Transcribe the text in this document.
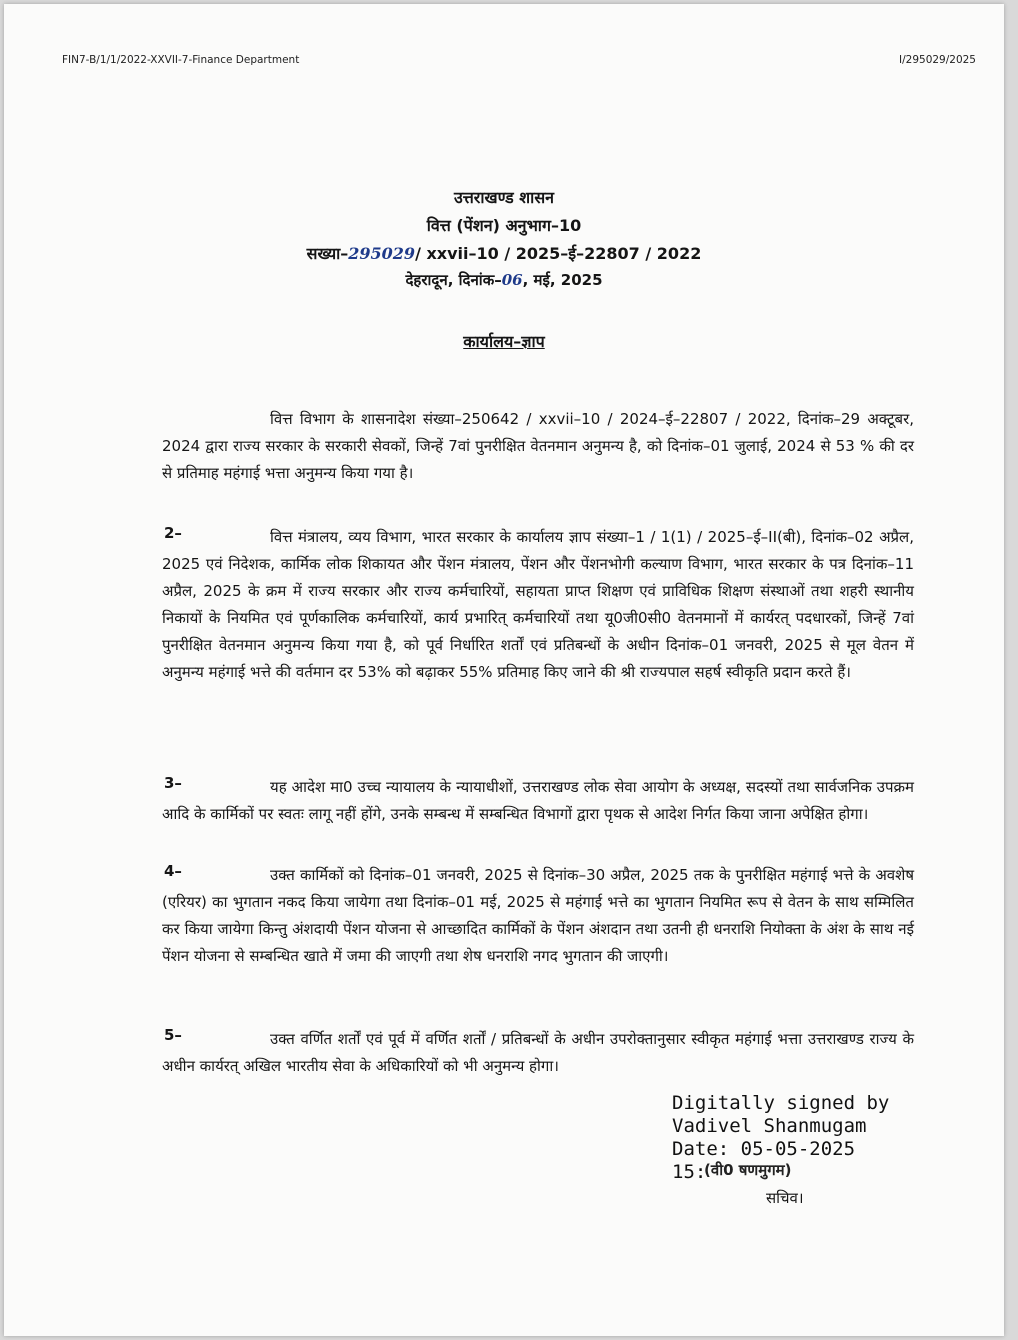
FIN7-B/1/1/2022-XXVII-7-Finance Department	I/295029/2025
उत्तराखण्ड शासन
वित्त (पेंशन) अनुभाग–10
सख्या–295029/ xxvii–10 / 2025–ई–22807 / 2022
देहरादून, दिनांक–06, मई, 2025
कार्यालय–ज्ञाप
वित्त विभाग के शासनादेश संख्या–250642 / xxvii–10 / 2024–ई–22807 / 2022, दिनांक–29 अक्टूबर, 2024 द्वारा राज्य सरकार के सरकारी सेवकों, जिन्हें 7वां पुनरीक्षित वेतनमान अनुमन्य है, को दिनांक–01 जुलाई, 2024 से 53 % की दर से प्रतिमाह महंगाई भत्ता अनुमन्य किया गया है।
2–	वित्त मंत्रालय, व्यय विभाग, भारत सरकार के कार्यालय ज्ञाप संख्या–1 / 1(1) / 2025–ई–II(बी), दिनांक–02 अप्रैल, 2025 एवं निदेशक, कार्मिक लोक शिकायत और पेंशन मंत्रालय, पेंशन और पेंशनभोगी कल्याण विभाग, भारत सरकार के पत्र दिनांक–11 अप्रैल, 2025 के क्रम में राज्य सरकार और राज्य कर्मचारियों, सहायता प्राप्त शिक्षण एवं प्राविधिक शिक्षण संस्थाओं तथा शहरी स्थानीय निकायों के नियमित एवं पूर्णकालिक कर्मचारियों, कार्य प्रभारित् कर्मचारियों तथा यू0जी0सी0 वेतनमानों में कार्यरत् पदधारकों, जिन्हें 7वां पुनरीक्षित वेतनमान अनुमन्य किया गया है, को पूर्व निर्धारित शर्तों एवं प्रतिबन्धों के अधीन दिनांक–01 जनवरी, 2025 से मूल वेतन में अनुमन्य महंगाई भत्ते की वर्तमान दर 53% को बढ़ाकर 55% प्रतिमाह किए जाने की श्री राज्यपाल सहर्ष स्वीकृति प्रदान करते हैं।
3–	यह आदेश मा0 उच्च न्यायालय के न्यायाधीशों, उत्तराखण्ड लोक सेवा आयोग के अध्यक्ष, सदस्यों तथा सार्वजनिक उपक्रम आदि के कार्मिकों पर स्वतः लागू नहीं होंगे, उनके सम्बन्ध में सम्बन्धित विभागों द्वारा पृथक से आदेश निर्गत किया जाना अपेक्षित होगा।
4–	उक्त कार्मिकों को दिनांक–01 जनवरी, 2025 से दिनांक–30 अप्रैल, 2025 तक के पुनरीक्षित महंगाई भत्ते के अवशेष (एरियर) का भुगतान नकद किया जायेगा तथा दिनांक–01 मई, 2025 से महंगाई भत्ते का भुगतान नियमित रूप से वेतन के साथ सम्मिलित कर किया जायेगा किन्तु अंशदायी पेंशन योजना से आच्छादित कार्मिकों के पेंशन अंशदान तथा उतनी ही धनराशि नियोक्ता के अंश के साथ नई पेंशन योजना से सम्बन्धित खाते में जमा की जाएगी तथा शेष धनराशि नगद भुगतान की जाएगी।
5–	उक्त वर्णित शर्तों एवं पूर्व में वर्णित शर्तों / प्रतिबन्धों के अधीन उपरोक्तानुसार स्वीकृत महंगाई भत्ता उत्तराखण्ड राज्य के अधीन कार्यरत् अखिल भारतीय सेवा के अधिकारियों को भी अनुमन्य होगा।
Digitally signed by
Vadivel Shanmugam
Date: 05-05-2025
15:
(वी0 षणमुगम)
सचिव।
